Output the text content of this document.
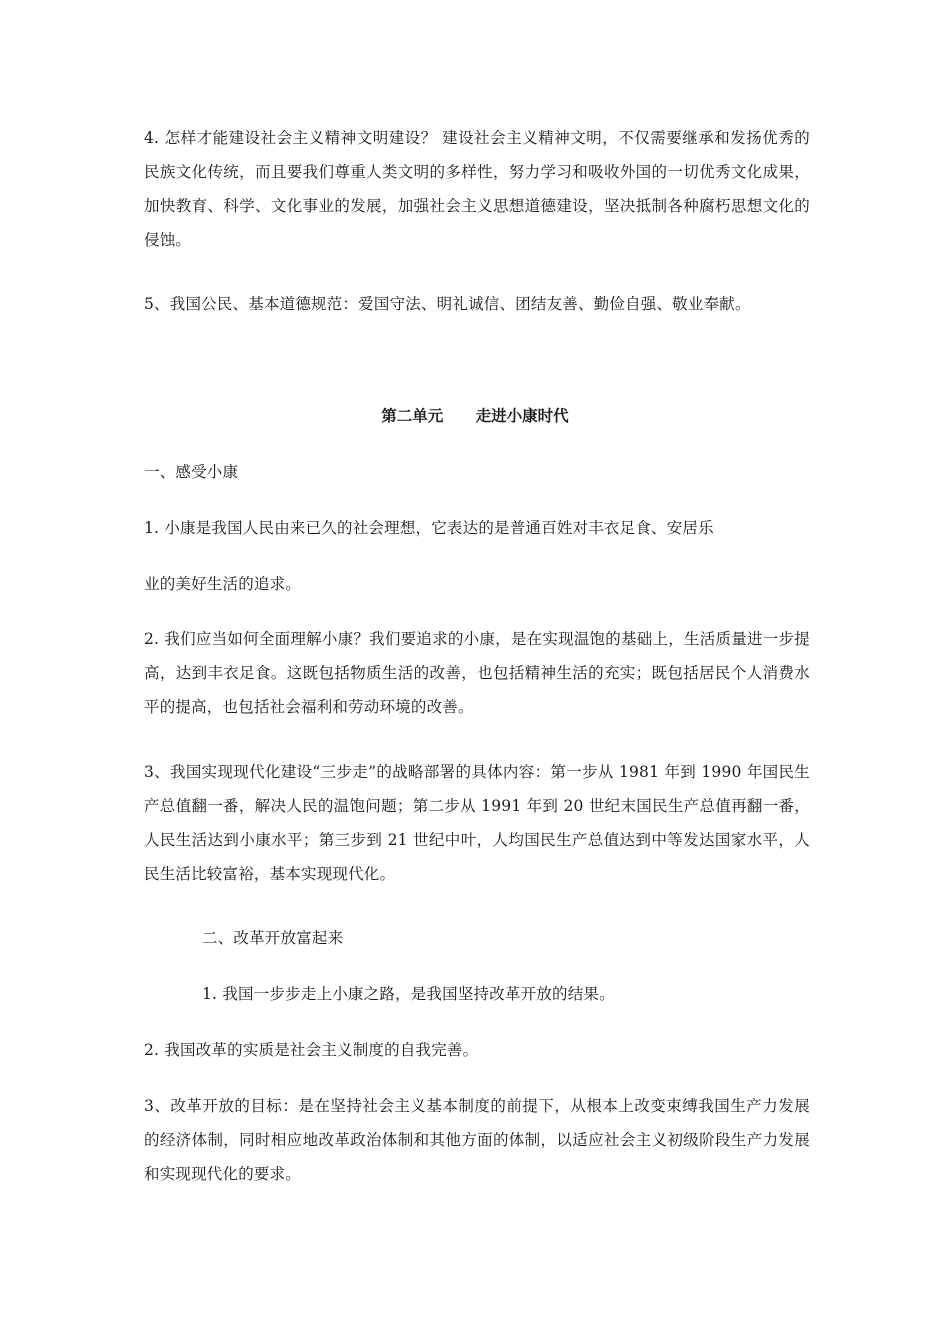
4. 怎样才能建设社会主义精神文明建设？ 建设社会主义精神文明，不仅需要继承和发扬优秀的民族文化传统，而且要我们尊重人类文明的多样性，努力学习和吸收外国的一切优秀文化成果，加快教育、科学、文化事业的发展，加强社会主义思想道德建设，坚决抵制各种腐朽思想文化的侵蚀。

5、我国公民、基本道德规范：爱国守法、明礼诚信、团结友善、勤俭自强、敬业奉献。

第二单元      走进小康时代

一、感受小康

1. 小康是我国人民由来已久的社会理想，它表达的是普通百姓对丰衣足食、安居乐

业的美好生活的追求。

2. 我们应当如何全面理解小康？我们要追求的小康，是在实现温饱的基础上，生活质量进一步提高，达到丰衣足食。这既包括物质生活的改善，也包括精神生活的充实；既包括居民个人消费水平的提高，也包括社会福利和劳动环境的改善。

3、我国实现现代化建设“三步走”的战略部署的具体内容：第一步从 1981 年到 1990 年国民生产总值翻一番，解决人民的温饱问题；第二步从 1991 年到 20 世纪末国民生产总值再翻一番，人民生活达到小康水平；第三步到 21 世纪中叶，人均国民生产总值达到中等发达国家水平，人民生活比较富裕，基本实现现代化。

二、改革开放富起来

1. 我国一步步走上小康之路，是我国坚持改革开放的结果。

2. 我国改革的实质是社会主义制度的自我完善。

3、改革开放的目标：是在坚持社会主义基本制度的前提下，从根本上改变束缚我国生产力发展的经济体制，同时相应地改革政治体制和其他方面的体制，以适应社会主义初级阶段生产力发展和实现现代化的要求。
